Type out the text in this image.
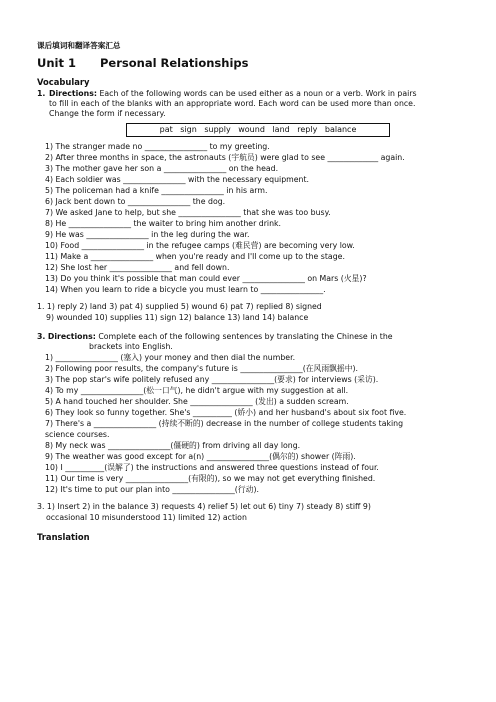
课后填词和翻译答案汇总
Unit 1 Personal Relationships
Vocabulary
1. Directions: Each of the following words can be used either as a noun or a verb. Work in pairs
to fill in each of the blanks with an appropriate word. Each word can be used more than once.
Change the form if necessary.
pat sign supply wound land reply balance
1) The stranger made no ________________ to my greeting.
2) After three months in space, the astronauts (宇航员) were glad to see _____________ again.
3) The mother gave her son a ________________ on the head.
4) Each soldier was ________________ with the necessary equipment.
5) The policeman had a knife ________________ in his arm.
6) Jack bent down to ________________ the dog.
7) We asked Jane to help, but she ________________ that she was too busy.
8) He ________________ the waiter to bring him another drink.
9) He was ________________ in the leg during the war.
10) Food ________________ in the refugee camps (难民营) are becoming very low.
11) Make a ________________ when you're ready and I'll come up to the stage.
12) She lost her ________________ and fell down.
13) Do you think it's possible that man could ever ________________ on Mars (火星)?
14) When you learn to ride a bicycle you must learn to ________________.
1. 1) reply 2) land 3) pat 4) supplied 5) wound 6) pat 7) replied 8) signed
9) wounded 10) supplies 11) sign 12) balance 13) land 14) balance
3. Directions: Complete each of the following sentences by translating the Chinese in the
brackets into English.
1) ________________ (塞入) your money and then dial the number.
2) Following poor results, the company's future is ________________(在风雨飘摇中).
3) The pop star's wife politely refused any ________________(要求) for interviews (采访).
4) To my ________________(松一口气), he didn't argue with my suggestion at all.
5) A hand touched her shoulder. She ________________ (发出) a sudden scream.
6) They look so funny together. She's __________ (娇小) and her husband's about six foot five.
7) There's a ________________ (持续不断的) decrease in the number of college students taking
science courses.
8) My neck was ________________(僵硬的) from driving all day long.
9) The weather was good except for a(n) ________________(偶尔的) shower (阵雨).
10) I __________(误解了) the instructions and answered three questions instead of four.
11) Our time is very ________________(有限的), so we may not get everything finished.
12) It's time to put our plan into ________________(行动).
3. 1) Insert 2) in the balance 3) requests 4) relief 5) let out 6) tiny 7) steady 8) stiff 9)
occasional 10 misunderstood 11) limited 12) action
Translation
